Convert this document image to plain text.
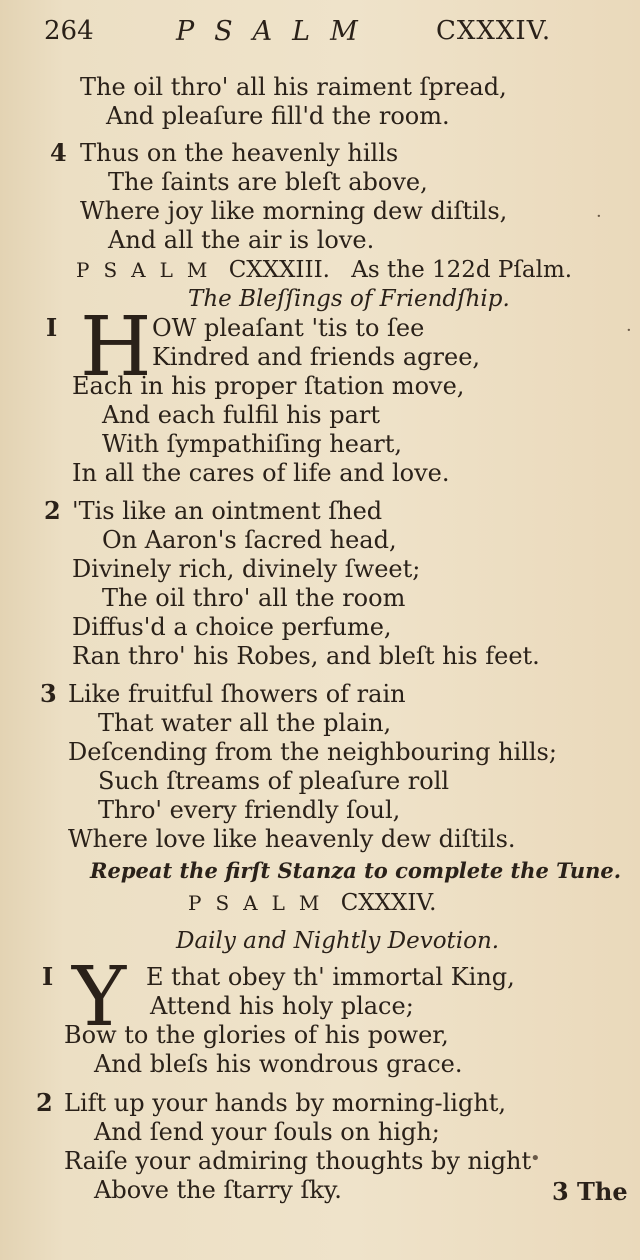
264	PSALM CXXXIV.
The oil thro' all his raiment ſpread,
And pleaſure fill'd the room.
4 Thus on the heavenly hills
The ſaints are bleſt above,
Where joy like morning dew diſtils,
And all the air is love.
PSALM CXXXIII. As the 122d Pſalm.
The Bleſſings of Friendſhip.
I H OW pleaſant 'tis to ſee
Kindred and friends agree,
Each in his proper ſtation move,
And each fulfil his part
With ſympathiſing heart,
In all the cares of life and love.
2 'Tis like an ointment ſhed
On Aaron's ſacred head,
Divinely rich, divinely ſweet;
The oil thro' all the room
Diffus'd a choice perfume,
Ran thro' his Robes, and bleſt his feet.
3 Like fruitful ſhowers of rain
That water all the plain,
Deſcending from the neighbouring hills;
Such ſtreams of pleaſure roll
Thro' every friendly ſoul,
Where love like heavenly dew diſtils.
Repeat the firſt Stanza to complete the Tune.
PSALM CXXXIV.
Daily and Nightly Devotion.
I Y E that obey th' immortal King,
Attend his holy place;
Bow to the glories of his power,
And bleſs his wondrous grace.
2 Lift up your hands by morning-light,
And ſend your ſouls on high;
Raiſe your admiring thoughts by night
Above the ſtarry ſky.	3 The
·
·
•
